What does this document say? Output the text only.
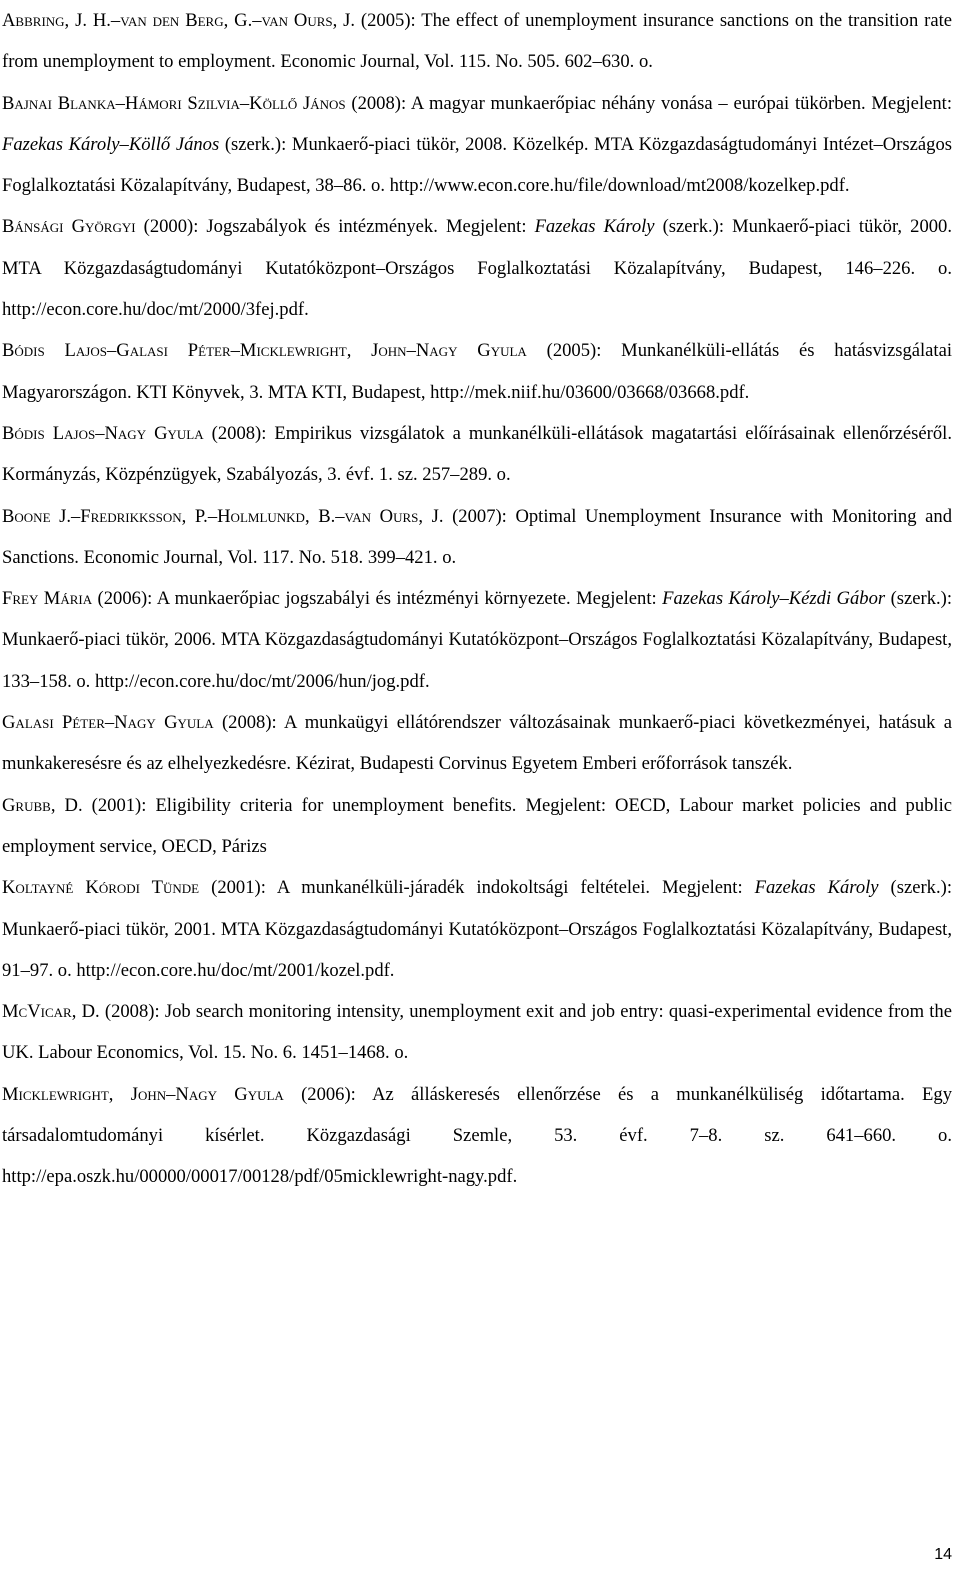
Abbring, J. H.–van den Berg, G.–van Ours, J. (2005): The effect of unemployment insurance sanctions on the transition rate from unemployment to employment. Economic Journal, Vol. 115. No. 505. 602–630. o.

Bajnai Blanka–Hámori Szilvia–Köllő János (2008): A magyar munkaerőpiac néhány vonása – európai tükörben. Megjelent: Fazekas Károly–Köllő János (szerk.): Munkaerő-piaci tükör, 2008. Közelkép. MTA Közgazdaságtudományi Intézet–Országos Foglalkoztatási Közalapítvány, Budapest, 38–86. o. http://www.econ.core.hu/file/download/mt2008/kozelkep.pdf.

Bánsági Györgyi (2000): Jogszabályok és intézmények. Megjelent: Fazekas Károly (szerk.): Munkaerő-piaci tükör, 2000. MTA Közgazdaságtudományi Kutatóközpont–Országos Foglalkoztatási Közalapítvány, Budapest, 146–226. o. http://econ.core.hu/doc/mt/2000/3fej.pdf.

Bódis Lajos–Galasi Péter–Micklewright, John–Nagy Gyula (2005): Munkanélküli-ellátás és hatásvizsgálatai Magyarországon. KTI Könyvek, 3. MTA KTI, Budapest, http://mek.niif.hu/03600/03668/03668.pdf.

Bódis Lajos–Nagy Gyula (2008): Empirikus vizsgálatok a munkanélküli-ellátások magatartási előírásainak ellenőrzéséről. Kormányzás, Közpénzügyek, Szabályozás, 3. évf. 1. sz. 257–289. o.

Boone J.–Fredrikksson, P.–Holmlunkd, B.–van Ours, J. (2007): Optimal Unemployment Insurance with Monitoring and Sanctions. Economic Journal, Vol. 117. No. 518. 399–421. o.

Frey Mária (2006): A munkaerőpiac jogszabályi és intézményi környezete. Megjelent: Fazekas Károly–Kézdi Gábor (szerk.): Munkaerő-piaci tükör, 2006. MTA Közgazdaságtudományi Kutatóközpont–Országos Foglalkoztatási Közalapítvány, Budapest, 133–158. o. http://econ.core.hu/doc/mt/2006/hun/jog.pdf.

Galasi Péter–Nagy Gyula (2008): A munkaügyi ellátórendszer változásainak munkaerő-piaci következményei, hatásuk a munkakeresésre és az elhelyezkedésre. Kézirat, Budapesti Corvinus Egyetem Emberi erőforrások tanszék.

Grubb, D. (2001): Eligibility criteria for unemployment benefits. Megjelent: OECD, Labour market policies and public employment service, OECD, Párizs

Koltayné Kórodi Tünde (2001): A munkanélküli-járadék indokoltsági feltételei. Megjelent: Fazekas Károly (szerk.): Munkaerő-piaci tükör, 2001. MTA Közgazdaságtudományi Kutatóközpont–Országos Foglalkoztatási Közalapítvány, Budapest, 91–97. o. http://econ.core.hu/doc/mt/2001/kozel.pdf.

McVicar, D. (2008): Job search monitoring intensity, unemployment exit and job entry: quasi-experimental evidence from the UK. Labour Economics, Vol. 15. No. 6. 1451–1468. o.

Micklewright, John–Nagy Gyula (2006): Az álláskeresés ellenőrzése és a munkanélküliség időtartama. Egy társadalomtudományi kísérlet. Közgazdasági Szemle, 53. évf. 7–8. sz. 641–660. o. http://epa.oszk.hu/00000/00017/00128/pdf/05micklewright-nagy.pdf.

14
